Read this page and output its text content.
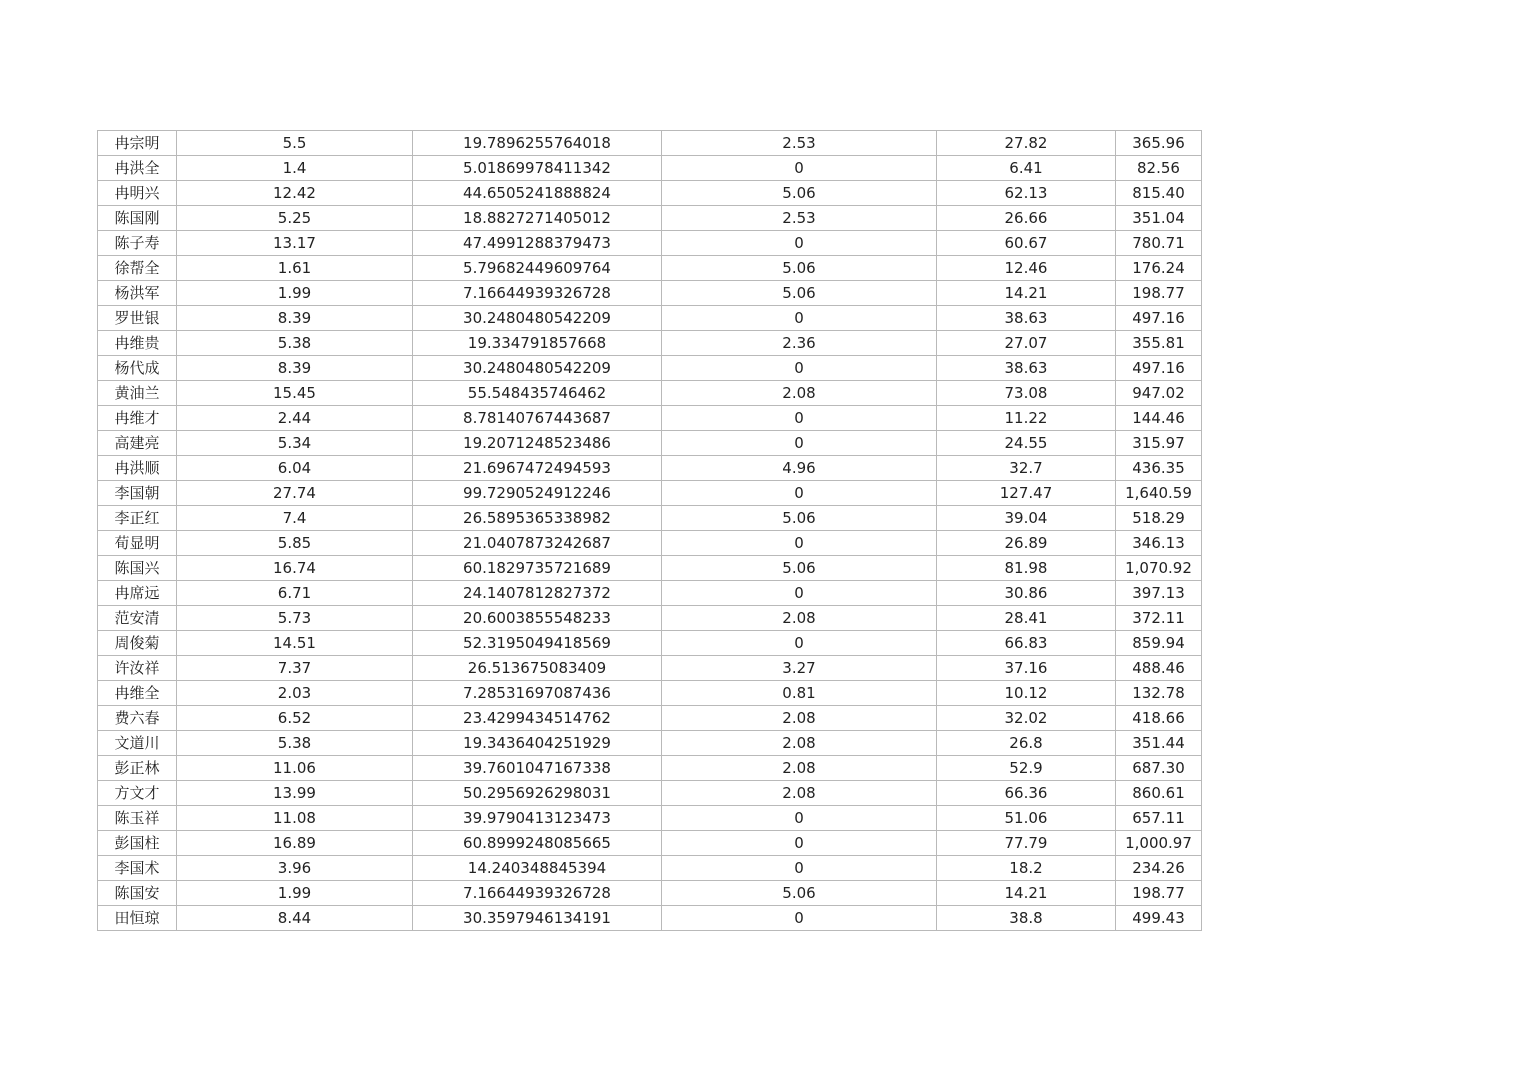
冉宗明	5.5	19.7896255764018	2.53	27.82	365.96
冉洪全	1.4	5.01869978411342	0	6.41	82.56
冉明兴	12.42	44.6505241888824	5.06	62.13	815.40
陈国刚	5.25	18.8827271405012	2.53	26.66	351.04
陈子寿	13.17	47.4991288379473	0	60.67	780.71
徐帮全	1.61	5.79682449609764	5.06	12.46	176.24
杨洪军	1.99	7.16644939326728	5.06	14.21	198.77
罗世银	8.39	30.2480480542209	0	38.63	497.16
冉维贵	5.38	19.334791857668	2.36	27.07	355.81
杨代成	8.39	30.2480480542209	0	38.63	497.16
黄油兰	15.45	55.548435746462	2.08	73.08	947.02
冉维才	2.44	8.78140767443687	0	11.22	144.46
高建亮	5.34	19.2071248523486	0	24.55	315.97
冉洪顺	6.04	21.6967472494593	4.96	32.7	436.35
李国朝	27.74	99.7290524912246	0	127.47	1,640.59
李正红	7.4	26.5895365338982	5.06	39.04	518.29
荀显明	5.85	21.0407873242687	0	26.89	346.13
陈国兴	16.74	60.1829735721689	5.06	81.98	1,070.92
冉席远	6.71	24.1407812827372	0	30.86	397.13
范安清	5.73	20.6003855548233	2.08	28.41	372.11
周俊菊	14.51	52.3195049418569	0	66.83	859.94
许汝祥	7.37	26.513675083409	3.27	37.16	488.46
冉维全	2.03	7.28531697087436	0.81	10.12	132.78
费六春	6.52	23.4299434514762	2.08	32.02	418.66
文道川	5.38	19.3436404251929	2.08	26.8	351.44
彭正林	11.06	39.7601047167338	2.08	52.9	687.30
方文才	13.99	50.2956926298031	2.08	66.36	860.61
陈玉祥	11.08	39.9790413123473	0	51.06	657.11
彭国柱	16.89	60.8999248085665	0	77.79	1,000.97
李国术	3.96	14.240348845394	0	18.2	234.26
陈国安	1.99	7.16644939326728	5.06	14.21	198.77
田恒琼	8.44	30.3597946134191	0	38.8	499.43
